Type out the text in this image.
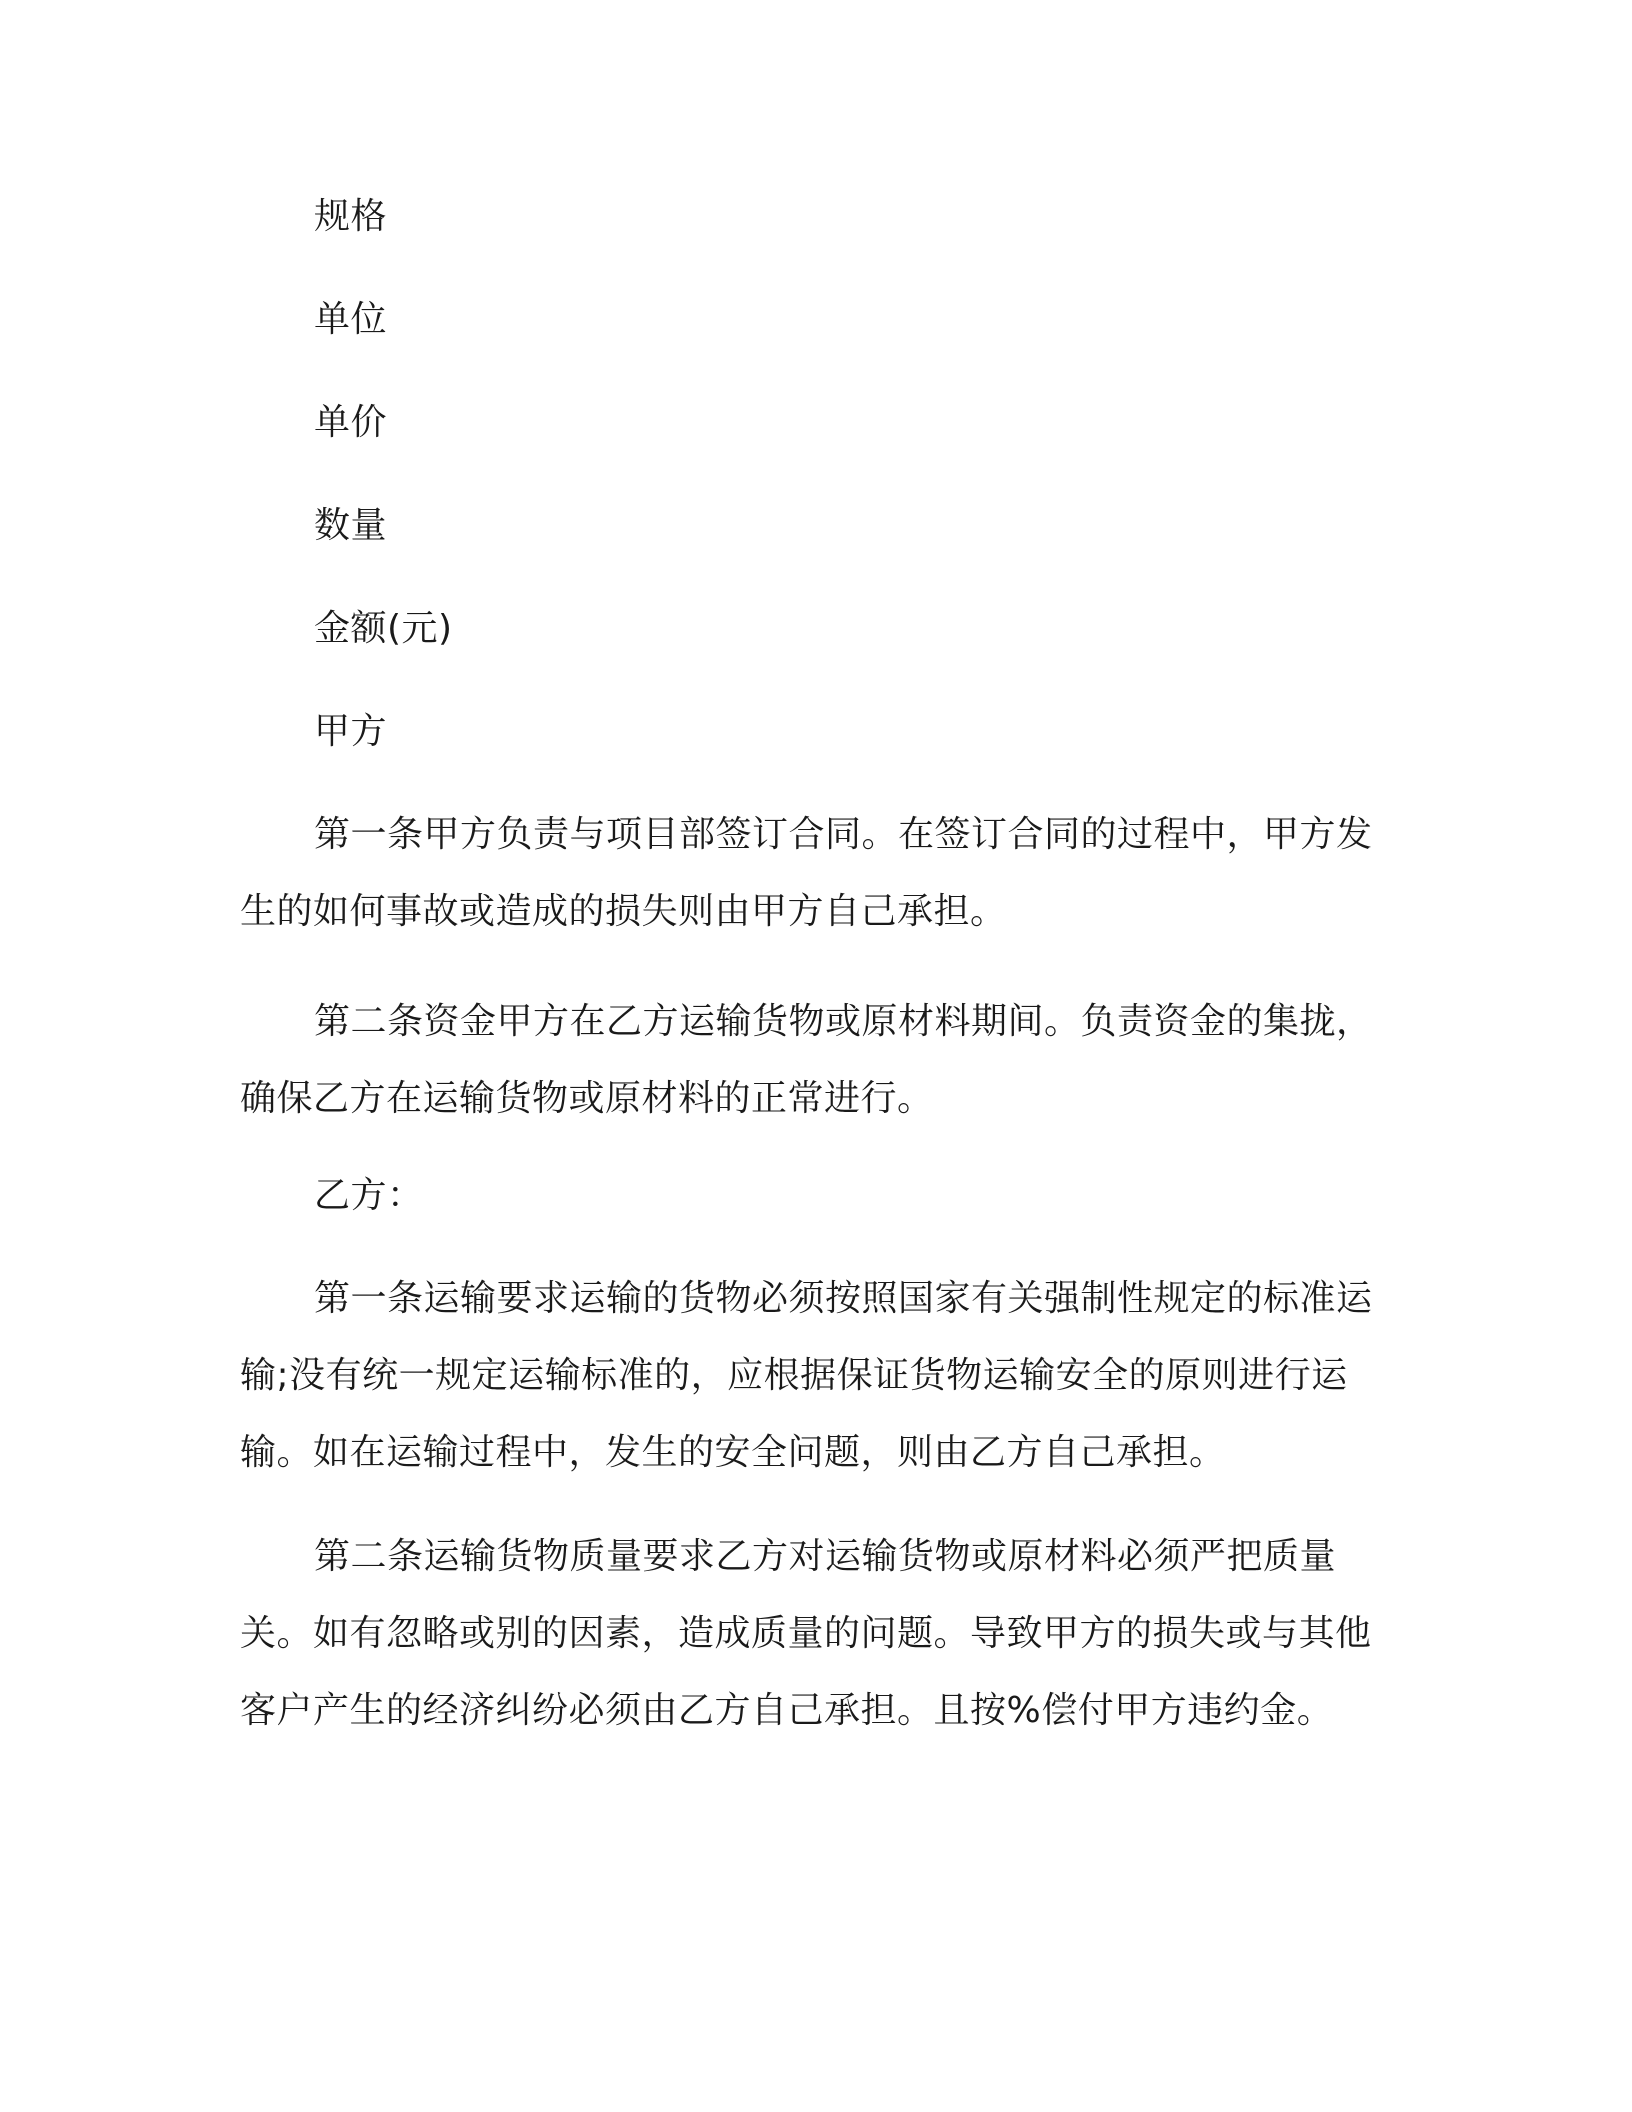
规格

单位

单价

数量

金额(元)

甲方

第一条甲方负责与项目部签订合同。在签订合同的过程中，甲方发生的如何事故或造成的损失则由甲方自己承担。

第二条资金甲方在乙方运输货物或原材料期间。负责资金的集拢，确保乙方在运输货物或原材料的正常进行。

乙方：

第一条运输要求运输的货物必须按照国家有关强制性规定的标准运输;没有统一规定运输标准的，应根据保证货物运输安全的原则进行运输。如在运输过程中，发生的安全问题，则由乙方自己承担。

第二条运输货物质量要求乙方对运输货物或原材料必须严把质量关。如有忽略或别的因素，造成质量的问题。导致甲方的损失或与其他客户产生的经济纠纷必须由乙方自己承担。且按%偿付甲方违约金。
